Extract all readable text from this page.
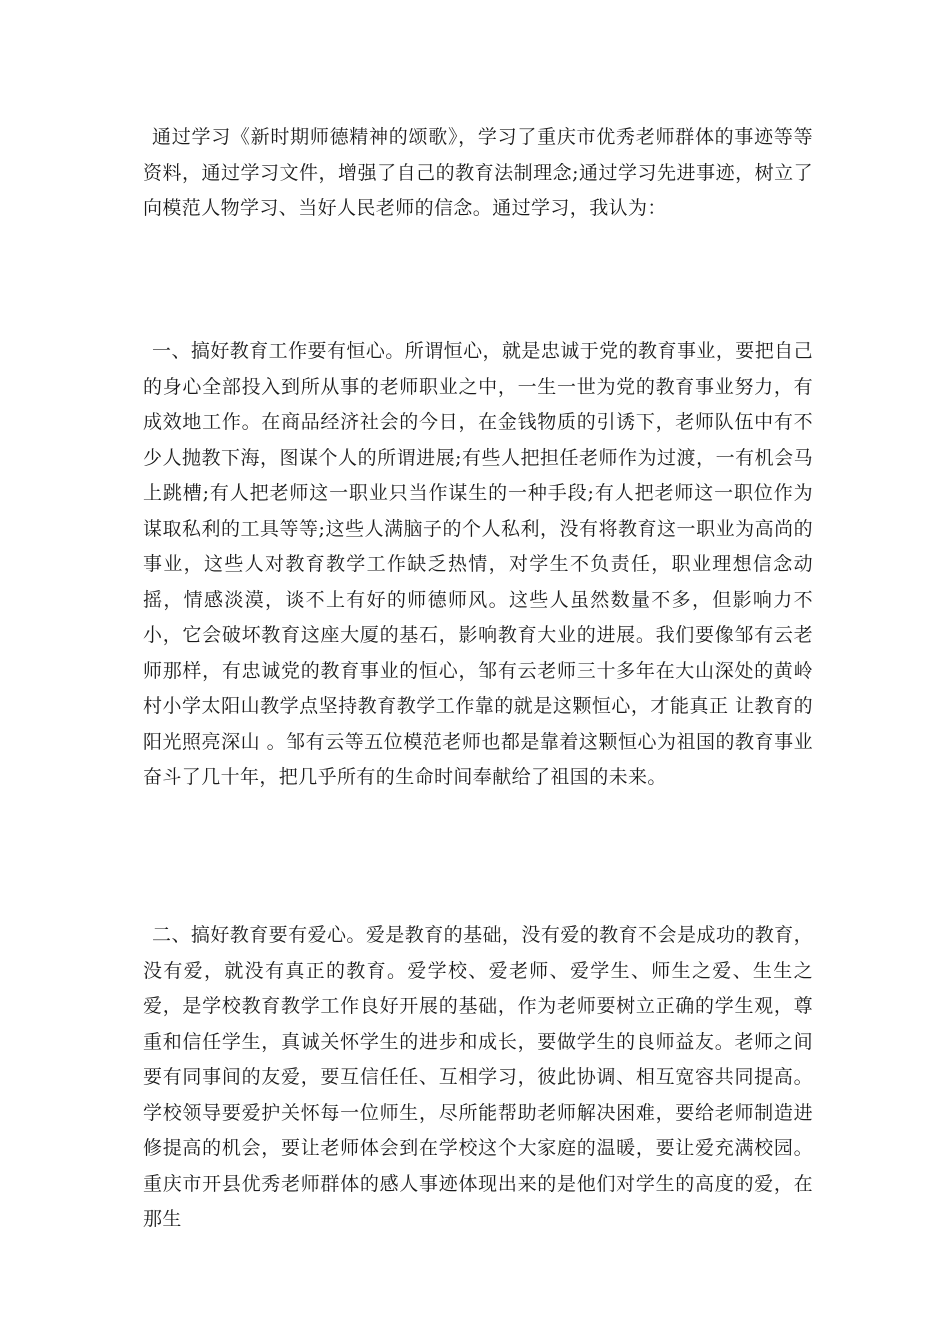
通过学习《新时期师德精神的颂歌》，学习了重庆市优秀老师群体的事迹等等资料，通过学习文件，增强了自己的教育法制理念;通过学习先进事迹，树立了向模范人物学习、当好人民老师的信念。通过学习，我认为：

一、搞好教育工作要有恒心。所谓恒心，就是忠诚于党的教育事业，要把自己的身心全部投入到所从事的老师职业之中，一生一世为党的教育事业努力，有成效地工作。在商品经济社会的今日，在金钱物质的引诱下，老师队伍中有不少人抛教下海，图谋个人的所谓进展;有些人把担任老师作为过渡，一有机会马上跳槽;有人把老师这一职业只当作谋生的一种手段;有人把老师这一职位作为谋取私利的工具等等;这些人满脑子的个人私利，没有将教育这一职业为高尚的事业，这些人对教育教学工作缺乏热情，对学生不负责任，职业理想信念动摇，情感淡漠，谈不上有好的师德师风。这些人虽然数量不多，但影响力不小，它会破坏教育这座大厦的基石，影响教育大业的进展。我们要像邹有云老师那样，有忠诚党的教育事业的恒心，邹有云老师三十多年在大山深处的黄岭村小学太阳山教学点坚持教育教学工作靠的就是这颗恒心，才能真正 让教育的阳光照亮深山 。邹有云等五位模范老师也都是靠着这颗恒心为祖国的教育事业奋斗了几十年，把几乎所有的生命时间奉献给了祖国的未来。

二、搞好教育要有爱心。爱是教育的基础，没有爱的教育不会是成功的教育，没有爱，就没有真正的教育。爱学校、爱老师、爱学生、师生之爱、生生之爱，是学校教育教学工作良好开展的基础，作为老师要树立正确的学生观，尊重和信任学生，真诚关怀学生的进步和成长，要做学生的良师益友。老师之间要有同事间的友爱，要互信任任、互相学习，彼此协调、相互宽容共同提高。学校领导要爱护关怀每一位师生，尽所能帮助老师解决困难，要给老师制造进修提高的机会，要让老师体会到在学校这个大家庭的温暖，要让爱充满校园。重庆市开县优秀老师群体的感人事迹体现出来的是他们对学生的高度的爱，在那生
